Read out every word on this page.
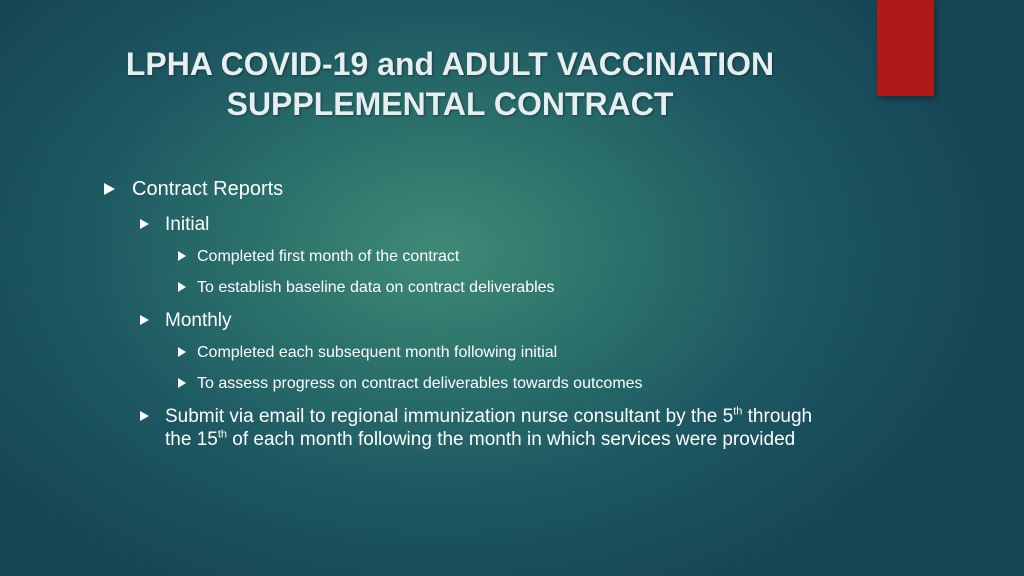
LPHA COVID-19 and ADULT VACCINATION
SUPPLEMENTAL CONTRACT
Contract Reports
Initial
Completed first month of the contract
To establish baseline data on contract deliverables
Monthly
Completed each subsequent month following initial
To assess progress on contract deliverables towards outcomes
Submit via email to regional immunization nurse consultant by the 5th through the 15th of each month following the month in which services were provided
